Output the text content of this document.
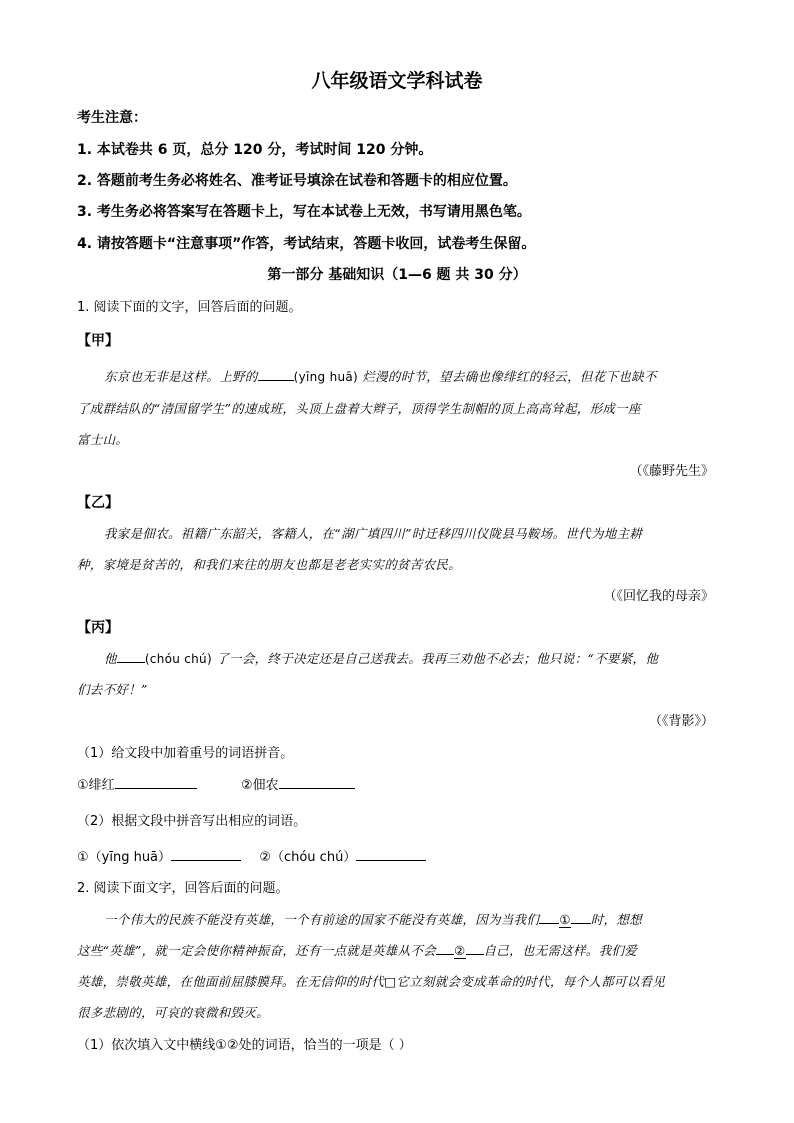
八年级语文学科试卷
考生注意：
1. 本试卷共 6 页，总分 120 分，考试时间 120 分钟。
2. 答题前考生务必将姓名、准考证号填涂在试卷和答题卡的相应位置。
3. 考生务必将答案写在答题卡上，写在本试卷上无效，书写请用黑色笔。
4. 请按答题卡“注意事项”作答，考试结束，答题卡收回，试卷考生保留。
第一部分 基础知识（1—6 题 共 30 分）
1. 阅读下面的文字，回答后面的问题。
【甲】
东京也无非是这样。上野的	(yīng huā) 烂漫的时节，望去确也像绯红的轻云，但花下也缺不
了成群结队的“清国留学生”的速成班，头顶上盘着大辫子，顶得学生制帽的顶上高高耸起，形成一座
富士山。
（《藤野先生》
【乙】
我家是佃农。祖籍广东韶关，客籍人，在“湖广填四川”时迁移四川仪陇县马鞍场。世代为地主耕
种，家境是贫苦的，和我们来往的朋友也都是老老实实的贫苦农民。
（《回忆我的母亲》
【丙】
他 (chóu chú) 了一会，终于决定还是自己送我去。我再三劝他不必去；他只说：“不要紧，他
们去不好！”
（《背影》）
（1）给文段中加着重号的词语拼音。
①绯红	②佃农
（2）根据文段中拼音写出相应的词语。
①（yīng huā）	②（chóu chú）
2. 阅读下面文字，回答后面的问题。
一个伟大的民族不能没有英雄，一个有前途的国家不能没有英雄，因为当我们 ① 时，想想
这些“英雄”，就一定会使你精神振奋，还有一点就是英雄从不会 ② 自己，也无需这样。我们爱
英雄，崇敬英雄，在他面前屈膝膜拜。在无信仰的时代□它立刻就会变成革命的时代，每个人都可以看见
很多悲剧的，可哀的衰微和毁灭。
（1）依次填入文中横线①②处的词语，恰当的一项是（ ）
